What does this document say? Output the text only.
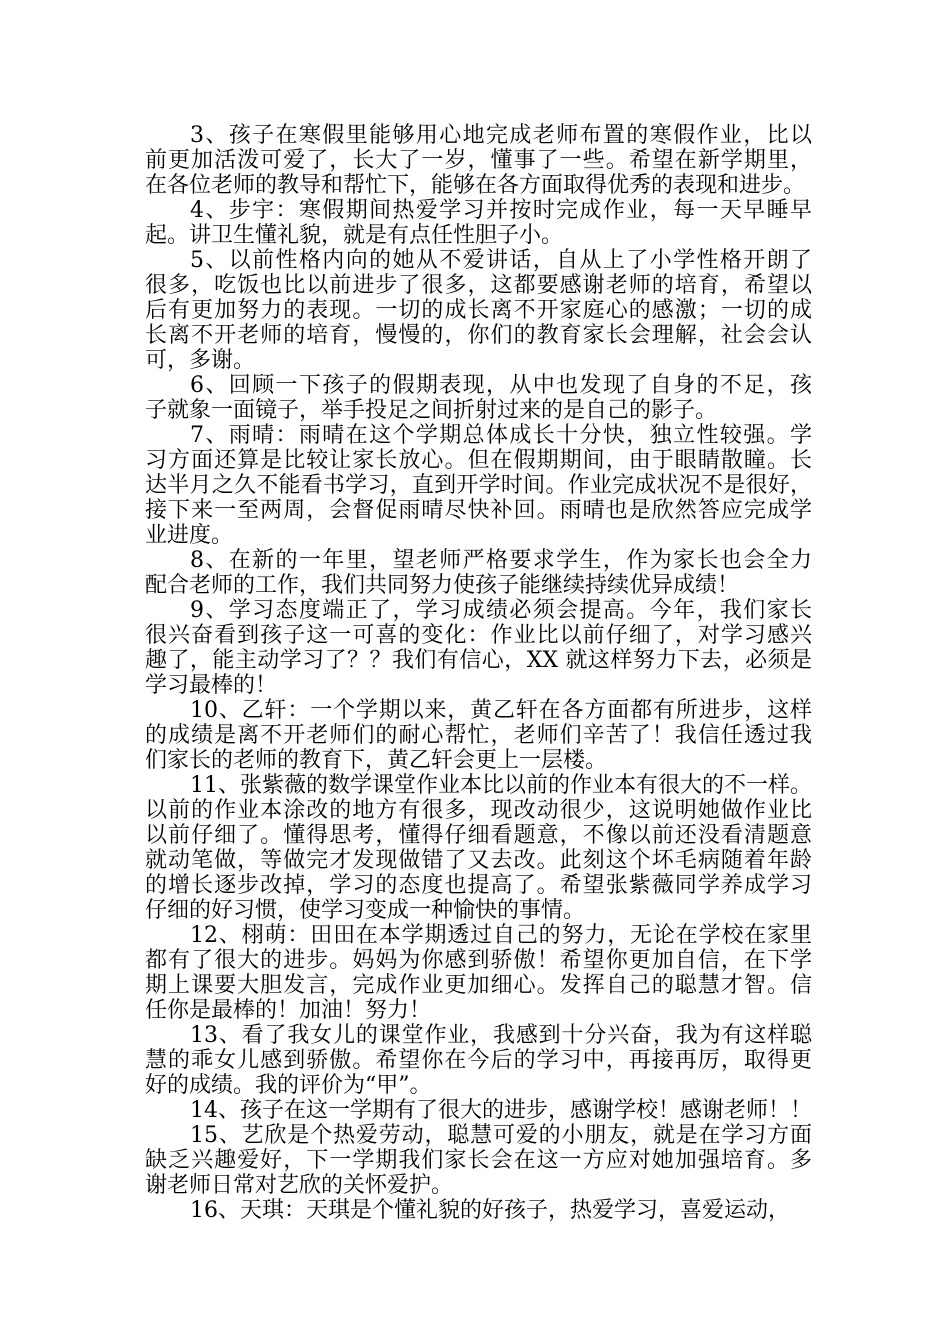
3、孩子在寒假里能够用心地完成老师布置的寒假作业，比以
前更加活泼可爱了，长大了一岁，懂事了一些。希望在新学期里，
在各位老师的教导和帮忙下，能够在各方面取得优秀的表现和进步。
4、步宇：寒假期间热爱学习并按时完成作业，每一天早睡早
起。讲卫生懂礼貌，就是有点任性胆子小。
5、以前性格内向的她从不爱讲话，自从上了小学性格开朗了
很多，吃饭也比以前进步了很多，这都要感谢老师的培育，希望以
后有更加努力的表现。一切的成长离不开家庭心的感激；一切的成
长离不开老师的培育，慢慢的，你们的教育家长会理解，社会会认
可，多谢。
6、回顾一下孩子的假期表现，从中也发现了自身的不足，孩
子就象一面镜子，举手投足之间折射过来的是自己的影子。
7、雨晴：雨晴在这个学期总体成长十分快，独立性较强。学
习方面还算是比较让家长放心。但在假期期间，由于眼睛散瞳。长
达半月之久不能看书学习，直到开学时间。作业完成状况不是很好，
接下来一至两周，会督促雨晴尽快补回。雨晴也是欣然答应完成学
业进度。
8、在新的一年里，望老师严格要求学生，作为家长也会全力
配合老师的工作，我们共同努力使孩子能继续持续优异成绩！
9、学习态度端正了，学习成绩必须会提高。今年，我们家长
很兴奋看到孩子这一可喜的变化：作业比以前仔细了，对学习感兴
趣了，能主动学习了？？我们有信心，XX 就这样努力下去，必须是
学习最棒的！
10、乙轩：一个学期以来，黄乙轩在各方面都有所进步，这样
的成绩是离不开老师们的耐心帮忙，老师们辛苦了！我信任透过我
们家长的老师的教育下，黄乙轩会更上一层楼。
11、张紫薇的数学课堂作业本比以前的作业本有很大的不一样。
以前的作业本涂改的地方有很多，现改动很少，这说明她做作业比
以前仔细了。懂得思考，懂得仔细看题意，不像以前还没看清题意
就动笔做，等做完才发现做错了又去改。此刻这个坏毛病随着年龄
的增长逐步改掉，学习的态度也提高了。希望张紫薇同学养成学习
仔细的好习惯，使学习变成一种愉快的事情。
12、栩萌：田田在本学期透过自己的努力，无论在学校在家里
都有了很大的进步。妈妈为你感到骄傲！希望你更加自信，在下学
期上课要大胆发言，完成作业更加细心。发挥自己的聪慧才智。信
任你是最棒的！加油！努力！
13、看了我女儿的课堂作业，我感到十分兴奋，我为有这样聪
慧的乖女儿感到骄傲。希望你在今后的学习中，再接再厉，取得更
好的成绩。我的评价为“甲”。
14、孩子在这一学期有了很大的进步，感谢学校！感谢老师！！
15、艺欣是个热爱劳动，聪慧可爱的小朋友，就是在学习方面
缺乏兴趣爱好，下一学期我们家长会在这一方应对她加强培育。多
谢老师日常对艺欣的关怀爱护。
16、天琪：天琪是个懂礼貌的好孩子，热爱学习，喜爱运动，
